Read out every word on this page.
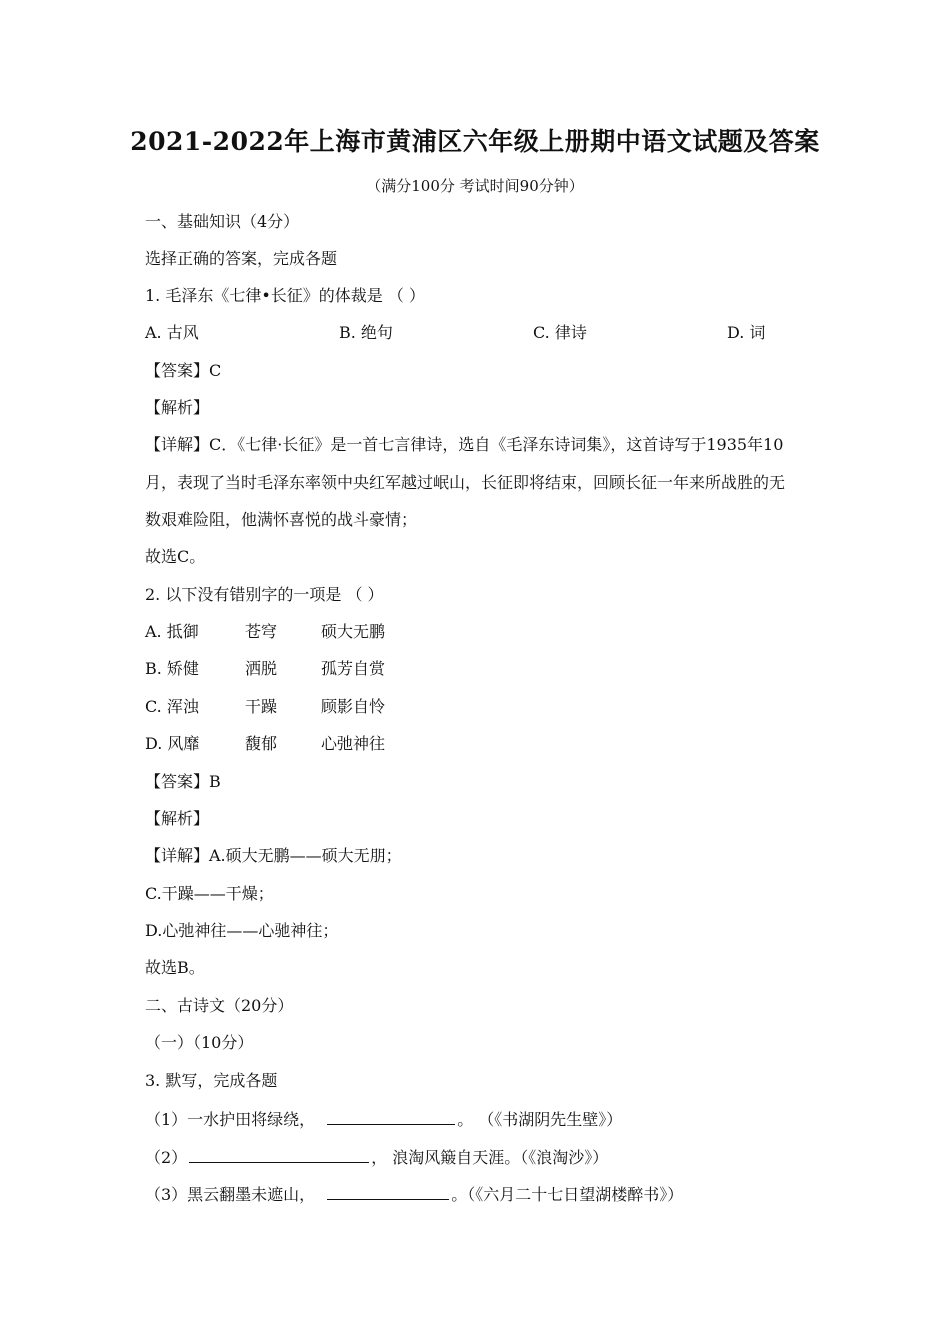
2021-2022年上海市黄浦区六年级上册期中语文试题及答案
（满分100分 考试时间90分钟）
一、基础知识（4分）
选择正确的答案，完成各题
1. 毛泽东《七律•长征》的体裁是 （ ）
A. 古风	B. 绝句	C. 律诗	D. 词
【答案】C
【解析】
【详解】C．《七律·长征》是一首七言律诗，选自《毛泽东诗词集》，这首诗写于1935年10
月，表现了当时毛泽东率领中央红军越过岷山，长征即将结束，回顾长征一年来所战胜的无
数艰难险阻，他满怀喜悦的战斗豪情；
故选C。
2. 以下没有错别字的一项是 （ ）
A. 抵御	苍穹	硕大无鹏
B. 矫健	洒脱	孤芳自赏
C. 浑浊	干躁	顾影自怜
D. 风靡	馥郁	心弛神往
【答案】B
【解析】
【详解】A.硕大无鹏——硕大无朋；
C.干躁——干燥；
D.心弛神往——心驰神往；
故选B。
二、古诗文（20分）
（一）（10分）
3. 默写，完成各题
（1）一水护田将绿绕，	。 （《书湖阴先生壁》）
（2）	， 浪淘风簸自天涯。（《浪淘沙》）
（3）黑云翻墨未遮山，	。（《六月二十七日望湖楼醉书》）
